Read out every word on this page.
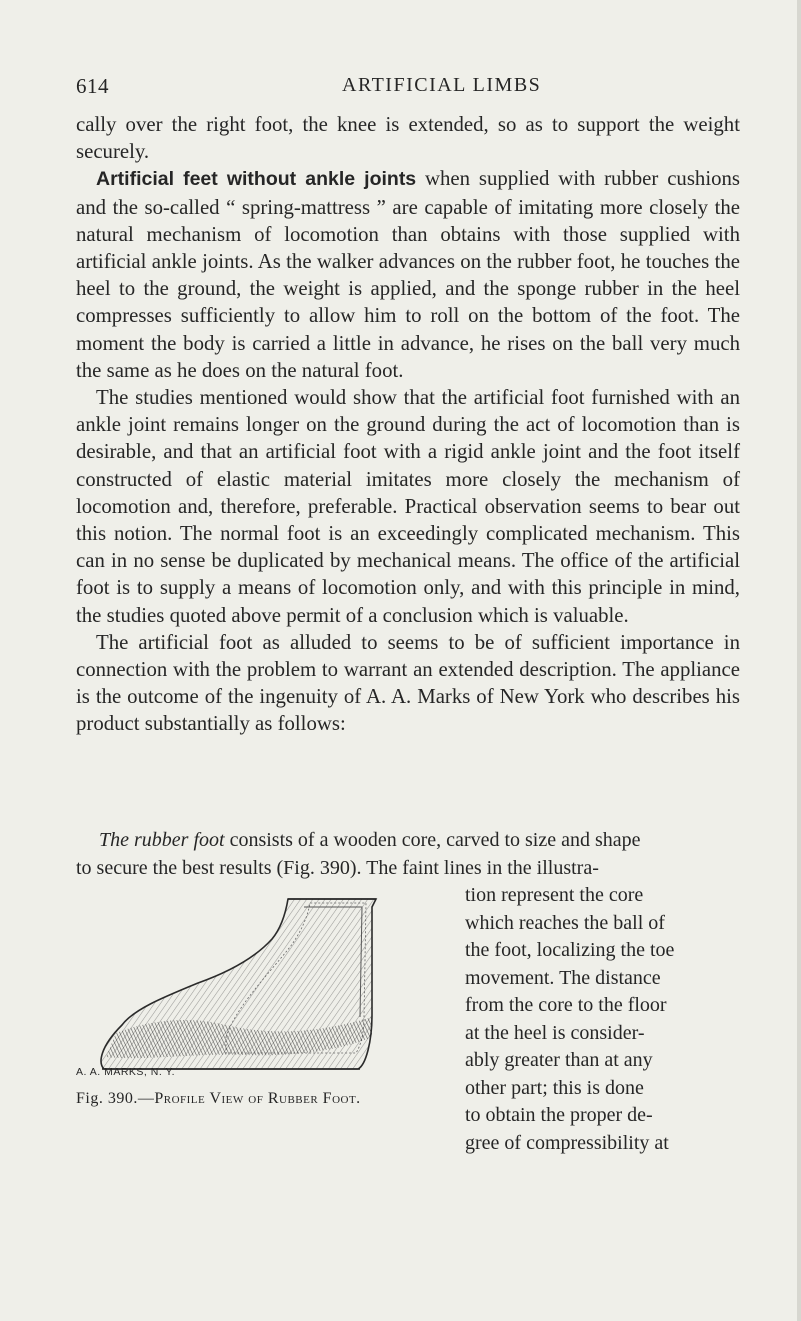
614	ARTIFICIAL LIMBS

cally over the right foot, the knee is extended, so as to support the weight securely.

Artificial feet without ankle joints when supplied with rubber cushions and the so-called “ spring-mattress ” are capable of imitating more closely the natural mechanism of locomotion than obtains with those supplied with artificial ankle joints. As the walker advances on the rubber foot, he touches the heel to the ground, the weight is applied, and the sponge rubber in the heel compresses sufficiently to allow him to roll on the bottom of the foot. The moment the body is carried a little in advance, he rises on the ball very much the same as he does on the natural foot.

The studies mentioned would show that the artificial foot furnished with an ankle joint remains longer on the ground during the act of locomotion than is desirable, and that an artificial foot with a rigid ankle joint and the foot itself constructed of elastic material imitates more closely the mechanism of locomotion and, therefore, preferable. Practical observation seems to bear out this notion. The normal foot is an exceedingly complicated mechanism. This can in no sense be duplicated by mechanical means. The office of the artificial foot is to supply a means of locomotion only, and with this principle in mind, the studies quoted above permit of a conclusion which is valuable.

The artificial foot as alluded to seems to be of sufficient importance in connection with the problem to warrant an extended description. The appliance is the outcome of the ingenuity of A. A. Marks of New York who describes his product substantially as follows:

The rubber foot consists of a wooden core, carved to size and shape
to secure the best results (Fig. 390). The faint lines in the illustra-
tion represent the core
which reaches the ball of
the foot, localizing the toe
movement. The distance
from the core to the floor
at the heel is consider-
ably greater than at any
other part; this is done
to obtain the proper de-
gree of compressibility at
A. A. MARKS, N. Y.
Fig. 390.—Profile View of Rubber Foot.
